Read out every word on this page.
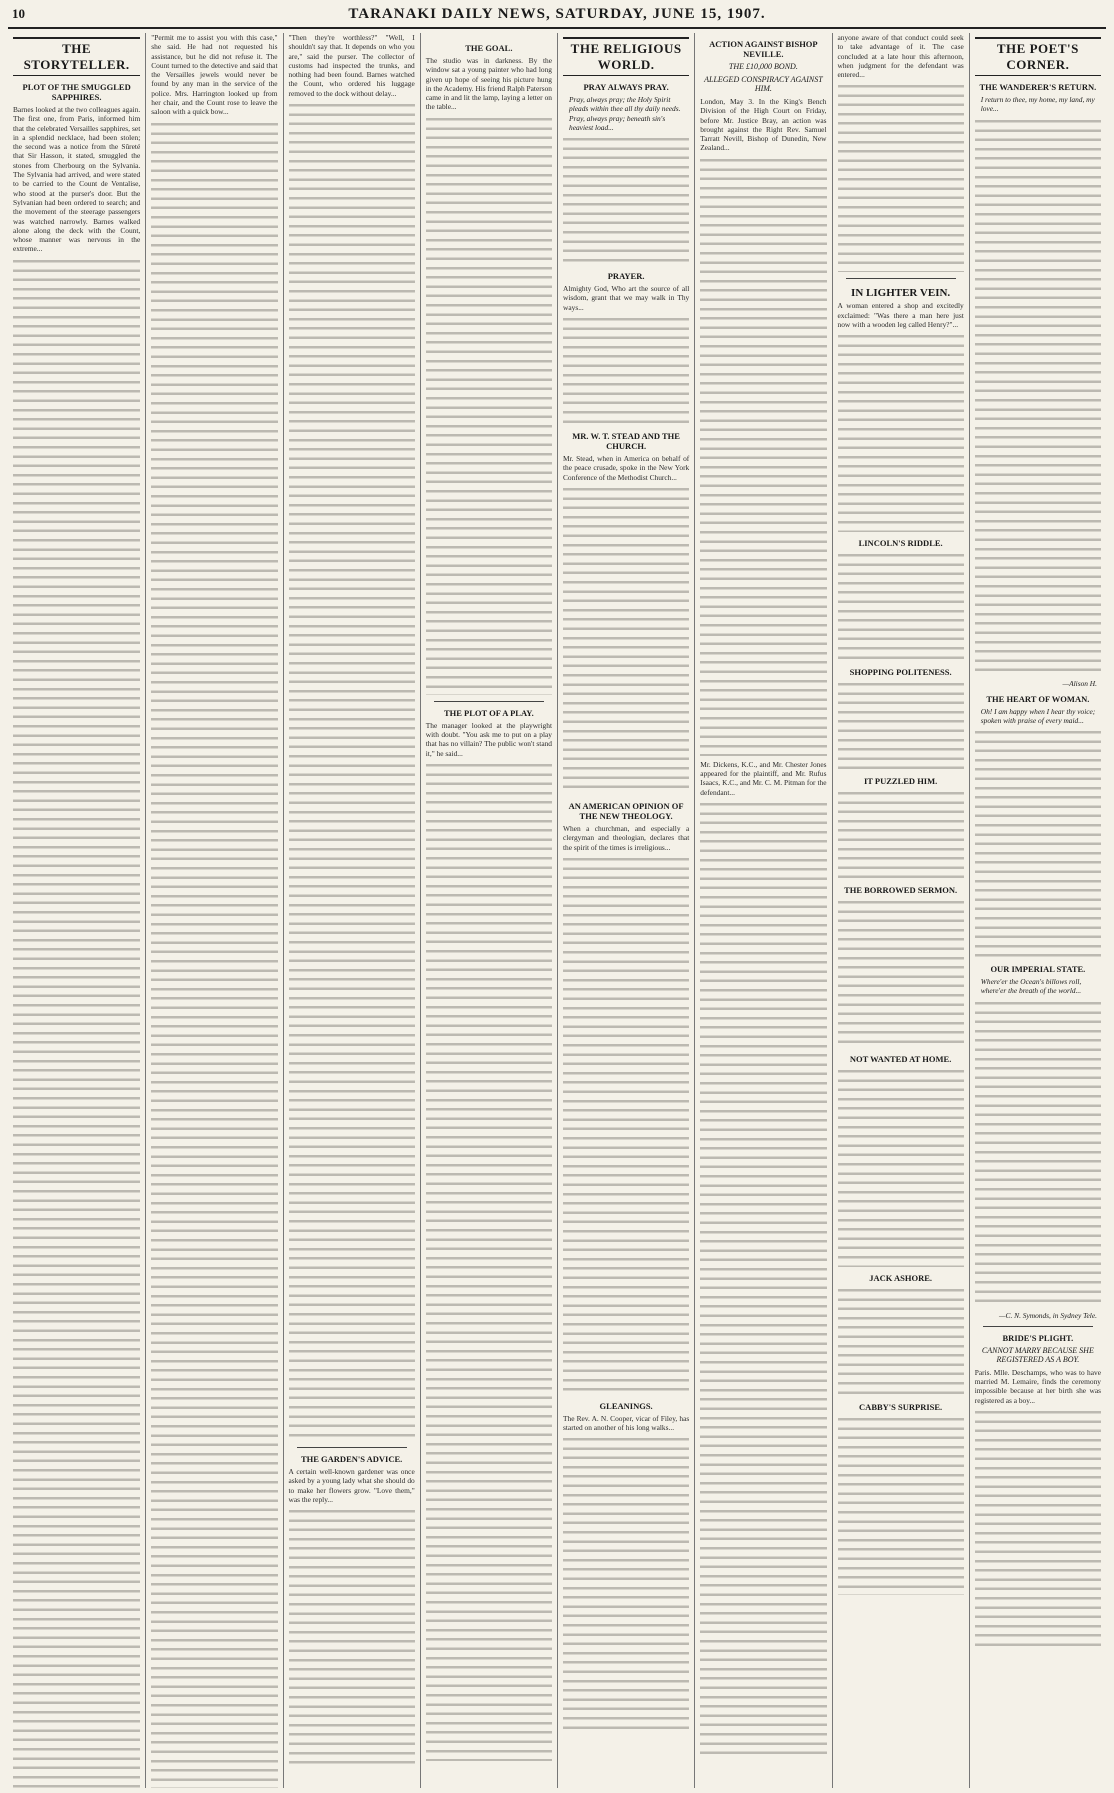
10	TARANAKI DAILY NEWS, SATURDAY, JUNE 15, 1907.
THE STORYTELLER.
PLOT OF THE SMUGGLED SAPPHIRES.
Barnes looked at the two colleagues again. The first one, from Paris, informed him that the celebrated Versailles sapphires, set in a splendid necklace, had been stolen; the second was a notice from the Sûreté that Sir Hasson, it stated, smuggled the stones from Cherbourg on the Sylvania. The Sylvania had arrived, and were stated to be carried to the Count de Ventalise, who stood at the purser's door. But the Sylvanian had been ordered to search; and the movement of the steerage passengers was watched narrowly. Barnes walked alone along the deck with the Count, whose manner was nervous in the extreme...
"Permit me to assist you with this case," she said. He had not requested his assistance, but he did not refuse it. The Count turned to the detective and said that the Versailles jewels would never be found by any man in the service of the police. Mrs. Harrington looked up from her chair, and the Count rose to leave the saloon with a quick bow...
"Then they're worthless?" "Well, I shouldn't say that. It depends on who you are," said the purser. The collector of customs had inspected the trunks, and nothing had been found. Barnes watched the Count, who ordered his luggage removed to the dock without delay...
THE GARDEN'S ADVICE.
A certain well-known gardener was once asked by a young lady what she should do to make her flowers grow. "Love them," was the reply...
THE GOAL.
The studio was in darkness. By the window sat a young painter who had long given up hope of seeing his picture hung in the Academy. His friend Ralph Paterson came in and lit the lamp, laying a letter on the table...
THE PLOT OF A PLAY.
The manager looked at the playwright with doubt. "You ask me to put on a play that has no villain? The public won't stand it," he said...
THE RELIGIOUS WORLD.
PRAY ALWAYS PRAY.
Pray, always pray; the Holy Spirit pleads within thee all thy daily needs. Pray, always pray; beneath sin's heaviest load...
PRAYER.
Almighty God, Who art the source of all wisdom, grant that we may walk in Thy ways...
MR. W. T. STEAD AND THE CHURCH.
Mr. Stead, when in America on behalf of the peace crusade, spoke in the New York Conference of the Methodist Church...
AN AMERICAN OPINION OF THE NEW THEOLOGY.
When a churchman, and especially a clergyman and theologian, declares that the spirit of the times is irreligious...
GLEANINGS.
The Rev. A. N. Cooper, vicar of Filey, has started on another of his long walks...
ACTION AGAINST BISHOP NEVILLE.
THE £10,000 BOND.
ALLEGED CONSPIRACY AGAINST HIM.
London, May 3. In the King's Bench Division of the High Court on Friday, before Mr. Justice Bray, an action was brought against the Right Rev. Samuel Tarratt Nevill, Bishop of Dunedin, New Zealand...
Mr. Dickens, K.C., and Mr. Chester Jones appeared for the plaintiff, and Mr. Rufus Isaacs, K.C., and Mr. C. M. Pitman for the defendant...
anyone aware of that conduct could seek to take advantage of it. The case concluded at a late hour this afternoon, when judgment for the defendant was entered...
IN LIGHTER VEIN.
A woman entered a shop and excitedly exclaimed: "Was there a man here just now with a wooden leg called Henry?"...
LINCOLN'S RIDDLE.
SHOPPING POLITENESS.
IT PUZZLED HIM.
THE BORROWED SERMON.
NOT WANTED AT HOME.
JACK ASHORE.
CABBY'S SURPRISE.
THE POET'S CORNER.
THE WANDERER'S RETURN.
I return to thee, my home, my land, my love...
—Alison H.
THE HEART OF WOMAN.
Oh! I am happy when I hear thy voice; spoken with praise of every maid...
OUR IMPERIAL STATE.
Where'er the Ocean's billows roll, where'er the breath of the world...
—C. N. Symonds, in Sydney Tele.
BRIDE'S PLIGHT.
CANNOT MARRY BECAUSE SHE REGISTERED AS A BOY.
Paris. Mlle. Deschamps, who was to have married M. Lemaire, finds the ceremony impossible because at her birth she was registered as a boy...
